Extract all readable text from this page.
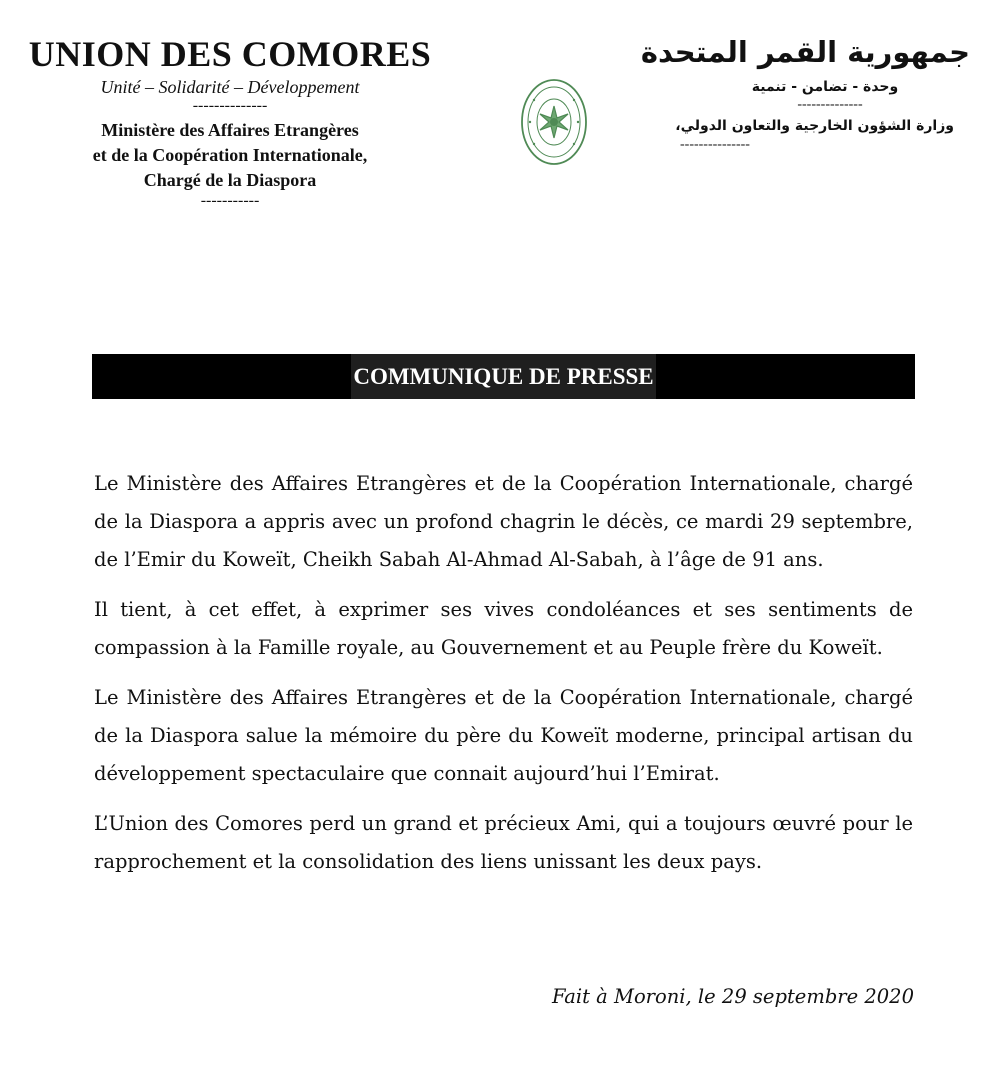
UNION DES COMORES
Unité – Solidarité – Développement
--------------
Ministère des Affaires Etrangères
et de la Coopération Internationale,
Chargé de la Diaspora
-----------
جمهورية القمر المتحدة
وحدة - تضامن - تنمية
--------------
وزارة الشؤون الخارجية والتعاون الدولي،
---------------
COMMUNIQUE DE PRESSE

Le Ministère des Affaires Etrangères et de la Coopération Internationale, chargé de la Diaspora a appris avec un profond chagrin le décès, ce mardi 29 septembre, de l’Emir du Koweït, Cheikh Sabah Al-Ahmad Al-Sabah, à l’âge de 91 ans.

Il tient, à cet effet, à exprimer ses vives condoléances et ses sentiments de compassion à la Famille royale, au Gouvernement et au Peuple frère du Koweït.

Le Ministère des Affaires Etrangères et de la Coopération Internationale, chargé de la Diaspora salue la mémoire du père du Koweït moderne, principal artisan du développement spectaculaire que connait aujourd’hui l’Emirat.

L’Union des Comores perd un grand et précieux Ami, qui a toujours œuvré pour le rapprochement et la consolidation des liens unissant les deux pays.

Fait à Moroni, le 29 septembre 2020
